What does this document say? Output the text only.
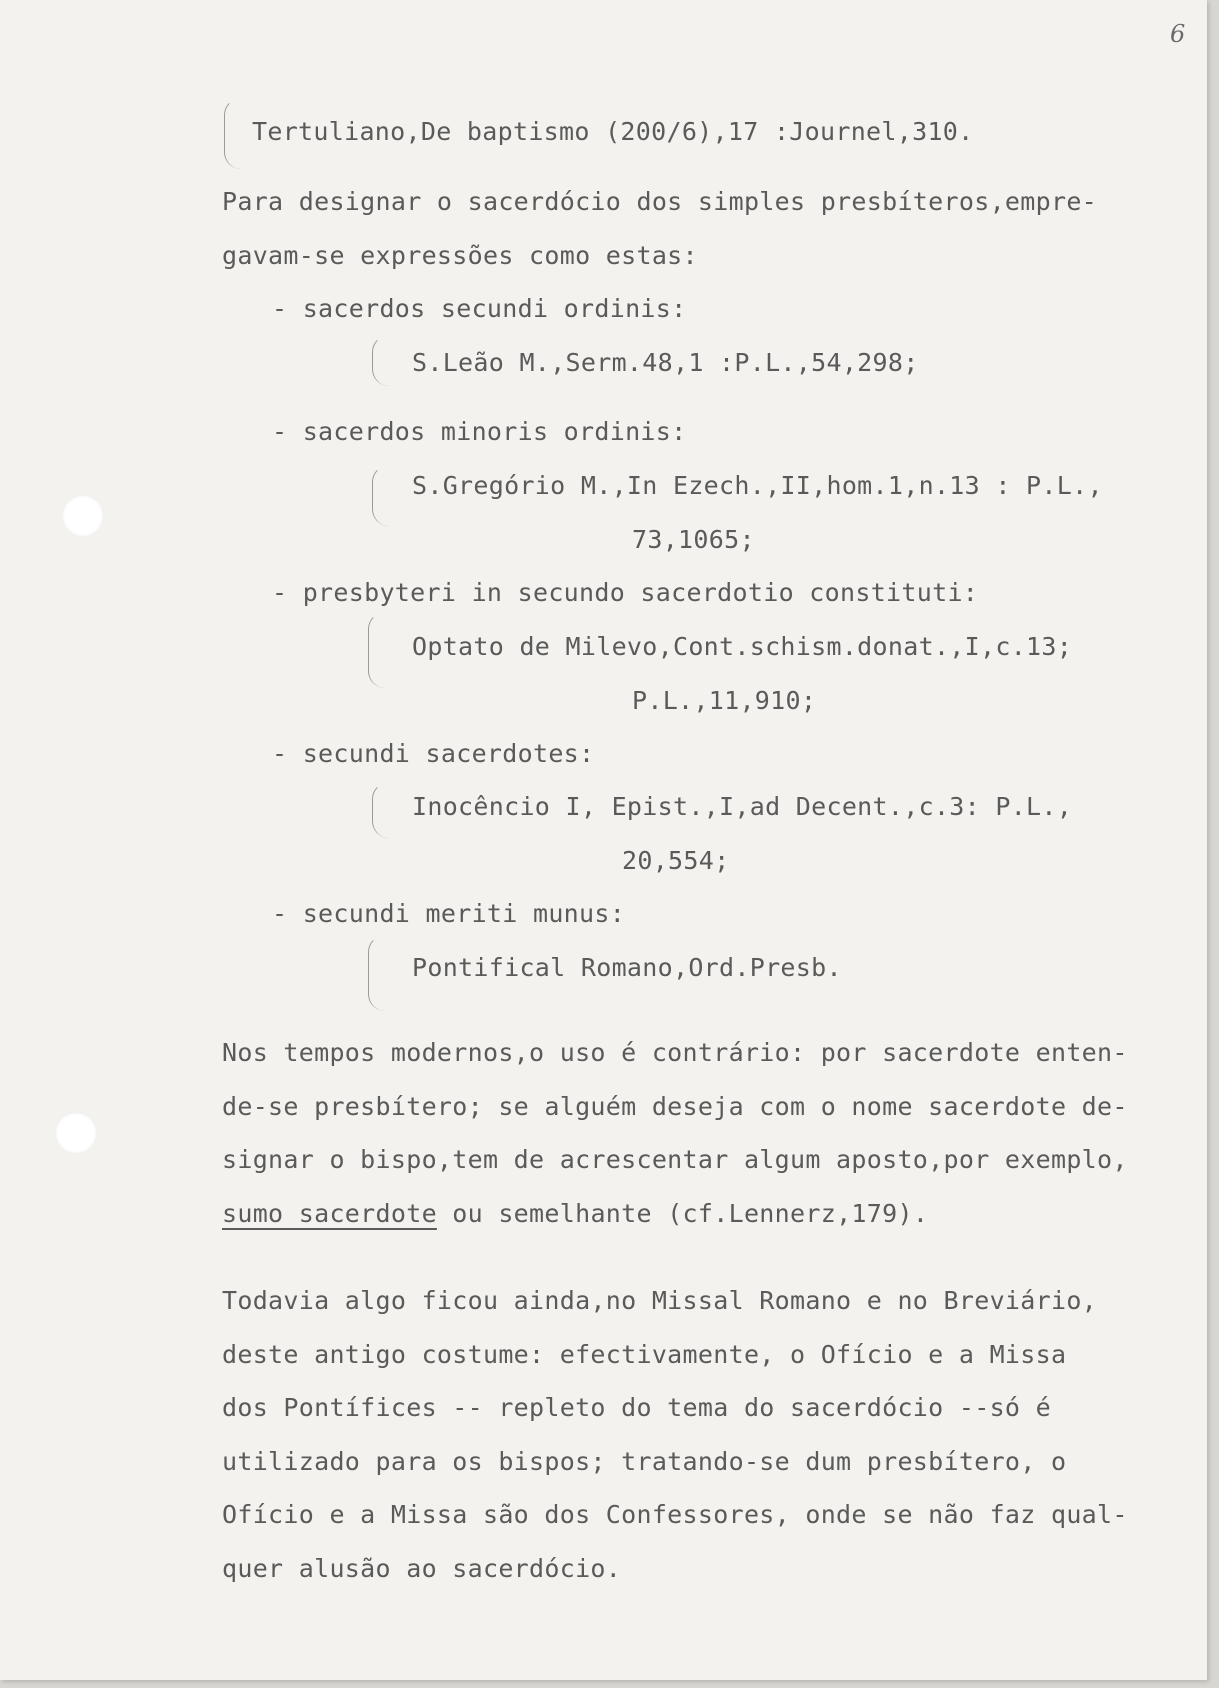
6
Tertuliano,De baptismo (200/6),17 :Journel,310.
Para designar o sacerdócio dos simples presbíteros,empre-
gavam-se expressões como estas:
- sacerdos secundi ordinis:
S.Leão M.,Serm.48,1 :P.L.,54,298;
- sacerdos minoris ordinis:
S.Gregório M.,In Ezech.,II,hom.1,n.13 : P.L.,
73,1065;
- presbyteri in secundo sacerdotio constituti:
Optato de Milevo,Cont.schism.donat.,I,c.13;
P.L.,11,910;
- secundi sacerdotes:
Inocêncio I, Epist.,I,ad Decent.,c.3: P.L.,
20,554;
- secundi meriti munus:
Pontifical Romano,Ord.Presb.
Nos tempos modernos,o uso é contrário: por sacerdote enten-
de-se presbítero; se alguém deseja com o nome sacerdote de-
signar o bispo,tem de acrescentar algum aposto,por exemplo,
sumo sacerdote ou semelhante (cf.Lennerz,179).
Todavia algo ficou ainda,no Missal Romano e no Breviário,
deste antigo costume: efectivamente, o Ofício e a Missa
dos Pontífices -- repleto do tema do sacerdócio --só é
utilizado para os bispos; tratando-se dum presbítero, o
Ofício e a Missa são dos Confessores, onde se não faz qual-
quer alusão ao sacerdócio.
